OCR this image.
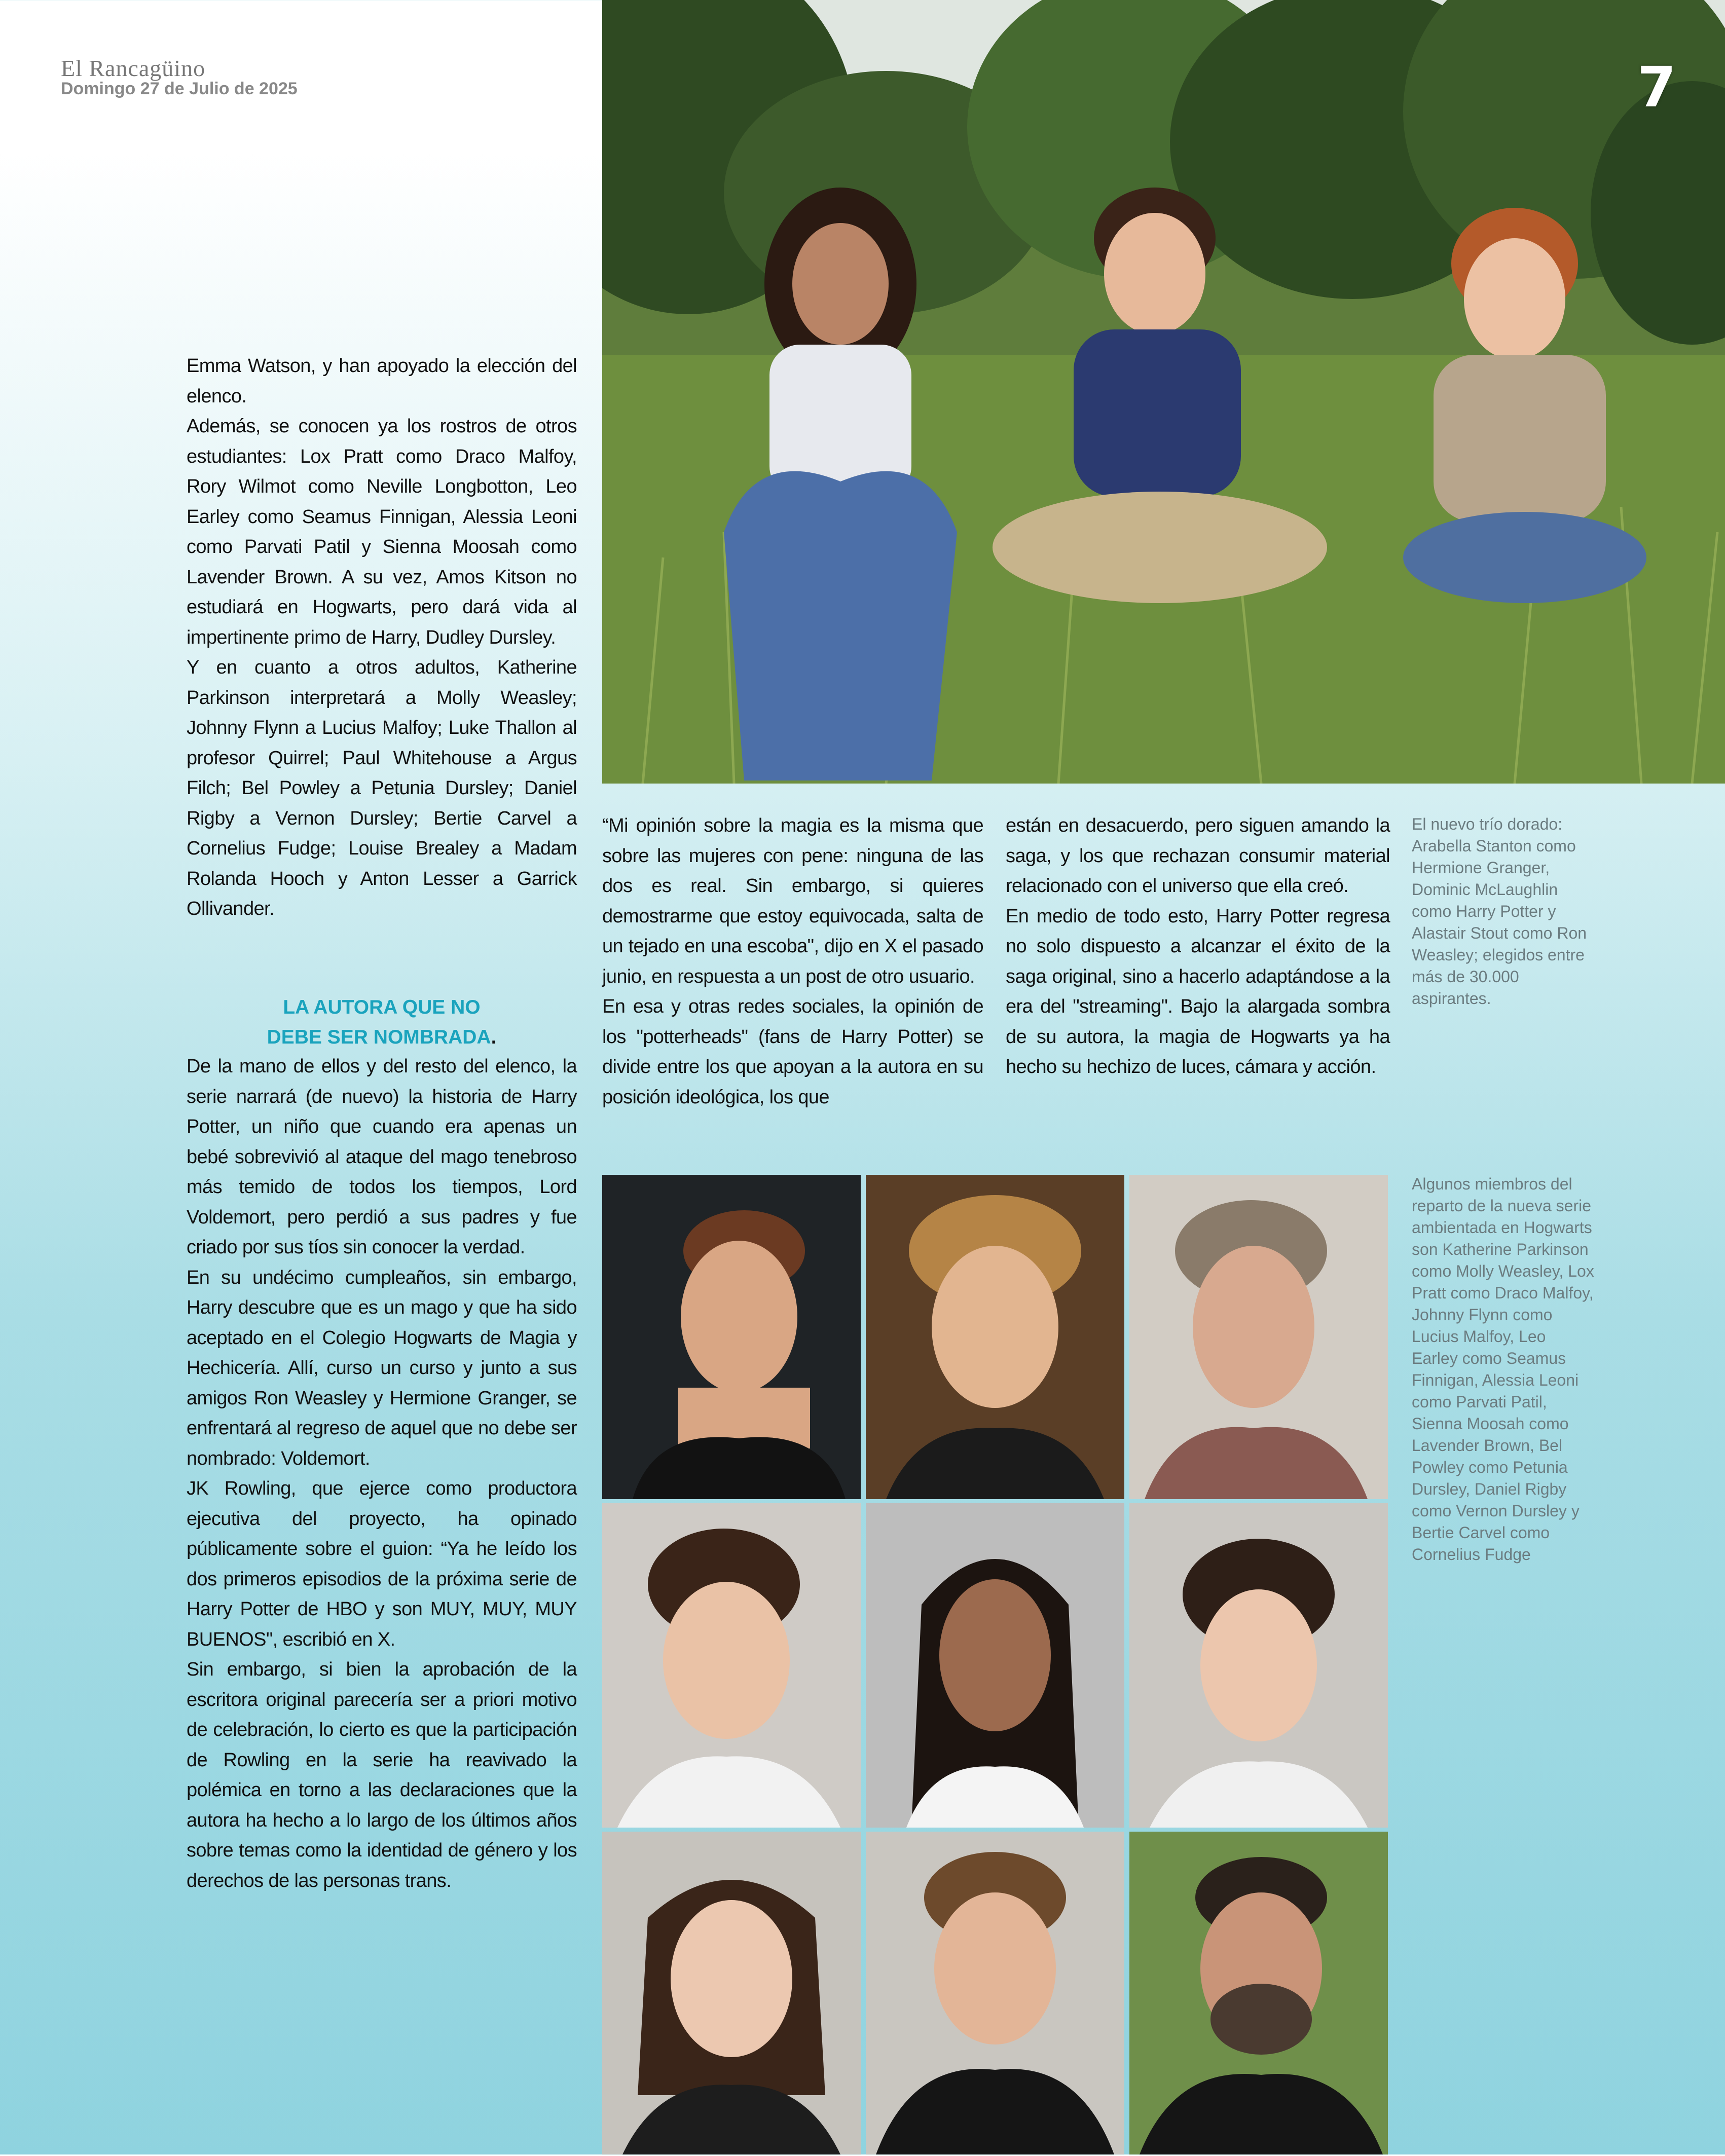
El Rancagüino
Domingo 27 de Julio de 2025	7

Emma Watson, y han apoyado la elección del elenco.

Además, se conocen ya los rostros de otros estudiantes: Lox Pratt como Draco Malfoy, Rory Wilmot como Neville Longbotton, Leo Earley como Seamus Finnigan, Alessia Leoni como Parvati Patil y Sienna Moosah como Lavender Brown. A su vez, Amos Kitson no estudiará en Hogwarts, pero dará vida al impertinente primo de Harry, Dudley Dursley.

Y en cuanto a otros adultos, Katherine Parkinson interpretará a Molly Weasley; Johnny Flynn a Lucius Malfoy; Luke Thallon al profesor Quirrel; Paul Whitehouse a Argus Filch; Bel Powley a Petunia Dursley; Daniel Rigby a Vernon Dursley; Bertie Carvel a Cornelius Fudge; Louise Brealey a Madam Rolanda Hooch y Anton Lesser a Garrick Ollivander.

LA AUTORA QUE NO
DEBE SER NOMBRADA.

De la mano de ellos y del resto del elenco, la serie narrará (de nuevo) la historia de Harry Potter, un niño que cuando era apenas un bebé sobrevivió al ataque del mago tenebroso más temido de todos los tiempos, Lord Voldemort, pero perdió a sus padres y fue criado por sus tíos sin conocer la verdad.

En su undécimo cumpleaños, sin embargo, Harry descubre que es un mago y que ha sido aceptado en el Colegio Hogwarts de Magia y Hechicería. Allí, curso un curso y junto a sus amigos Ron Weasley y Hermione Granger, se enfrentará al regreso de aquel que no debe ser nombrado: Voldemort.

JK Rowling, que ejerce como productora ejecutiva del proyecto, ha opinado públicamente sobre el guion: “Ya he leído los dos primeros episodios de la próxima serie de Harry Potter de HBO y son MUY, MUY, MUY BUENOS", escribió en X.

Sin embargo, si bien la aprobación de la escritora original parecería ser a priori motivo de celebración, lo cierto es que la participación de Rowling en la serie ha reavivado la polémica en torno a las declaraciones que la autora ha hecho a lo largo de los últimos años sobre temas como la identidad de género y los derechos de las personas trans.

“Mi opinión sobre la magia es la misma que sobre las mujeres con pene: ninguna de las dos es real. Sin embargo, si quieres demostrarme que estoy equivocada, salta de un tejado en una escoba", dijo en X el pasado junio, en respuesta a un post de otro usuario.

En esa y otras redes sociales, la opinión de los "potterheads" (fans de Harry Potter) se divide entre los que apoyan a la autora en su posición ideológica, los que

están en desacuerdo, pero siguen amando la saga, y los que rechazan consumir material relacionado con el universo que ella creó.

En medio de todo esto, Harry Potter regresa no solo dispuesto a alcanzar el éxito de la saga original, sino a hacerlo adaptándose a la era del "streaming". Bajo la alargada sombra de su autora, la magia de Hogwarts ya ha hecho su hechizo de luces, cámara y acción.

El nuevo trío dorado: Arabella Stanton como Hermione Granger, Dominic McLaughlin como Harry Potter y Alastair Stout como Ron Weasley; elegidos entre más de 30.000 aspirantes.
Algunos miembros del reparto de la nueva serie ambientada en Hogwarts son Katherine Parkinson como Molly Weasley, Lox Pratt como Draco Malfoy, Johnny Flynn como Lucius Malfoy, Leo Earley como Seamus Finnigan, Alessia Leoni como Parvati Patil, Sienna Moosah como Lavender Brown, Bel Powley como Petunia Dursley, Daniel Rigby como Vernon Dursley y Bertie Carvel como Cornelius Fudge
